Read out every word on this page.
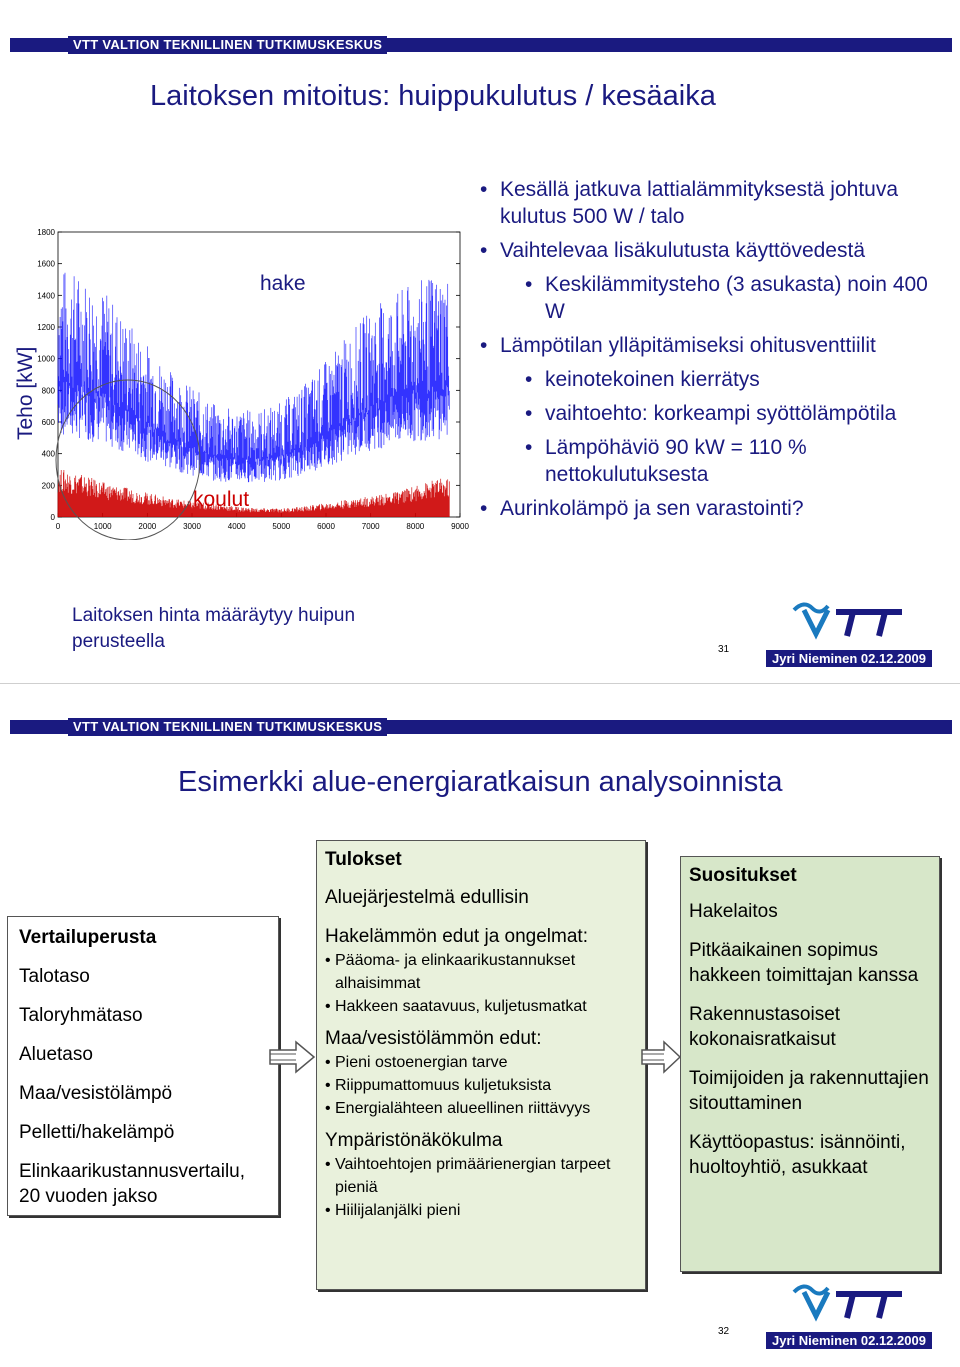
VTT VALTION TEKNILLINEN TUTKIMUSKESKUS
Laitoksen mitoitus: huippukulutus / kesäaika
Teho [kW]
0
200
400
600
800
1000
1200
1400
1600
1800
0	1000	2000	3000	4000	5000	6000	7000	8000	9000
hake
koulut
• Kesällä jatkuva lattialämmityksestä johtuva kulutus 500 W / talo
• Vaihtelevaa lisäkulutusta käyttövedestä
• Keskilämmitysteho (3 asukasta) noin 400 W
• Lämpötilan ylläpitämiseksi ohitusventtiilit
• keinotekoinen kierrätys
• vaihtoehto: korkeampi syöttölämpötila
• Lämpöhäviö 90 kW = 110 % nettokulutuksesta
• Aurinkolämpö ja sen varastointi?
Laitoksen hinta määräytyy huipun perusteella	31
Jyri Nieminen 02.12.2009
VTT VALTION TEKNILLINEN TUTKIMUSKESKUS
Esimerkki alue-energiaratkaisun analysoinnista
Vertailuperusta
Talotaso
Taloryhmätaso
Aluetaso
Maa/vesistölämpö
Pelletti/hakelämpö
Elinkaarikustannusvertailu, 20 vuoden jakso
Tulokset
Aluejärjestelmä edullisin
Hakelämmön edut ja ongelmat:
• Pääoma- ja elinkaarikustannukset alhaisimmat
• Hakkeen saatavuus, kuljetusmatkat
Maa/vesistölämmön edut:
• Pieni ostoenergian tarve
• Riippumattomuus kuljetuksista
• Energialähteen alueellinen riittävyys
Ympäristönäkökulma
• Vaihtoehtojen primäärienergian tarpeet pieniä
• Hiilijalanjälki pieni
Suositukset
Hakelaitos
Pitkäaikainen sopimus hakkeen toimittajan kanssa
Rakennustasoiset kokonaisratkaisut
Toimijoiden ja rakennuttajien sitouttaminen
Käyttöopastus: isännöinti, huoltoyhtiö, asukkaat
32
Jyri Nieminen 02.12.2009
